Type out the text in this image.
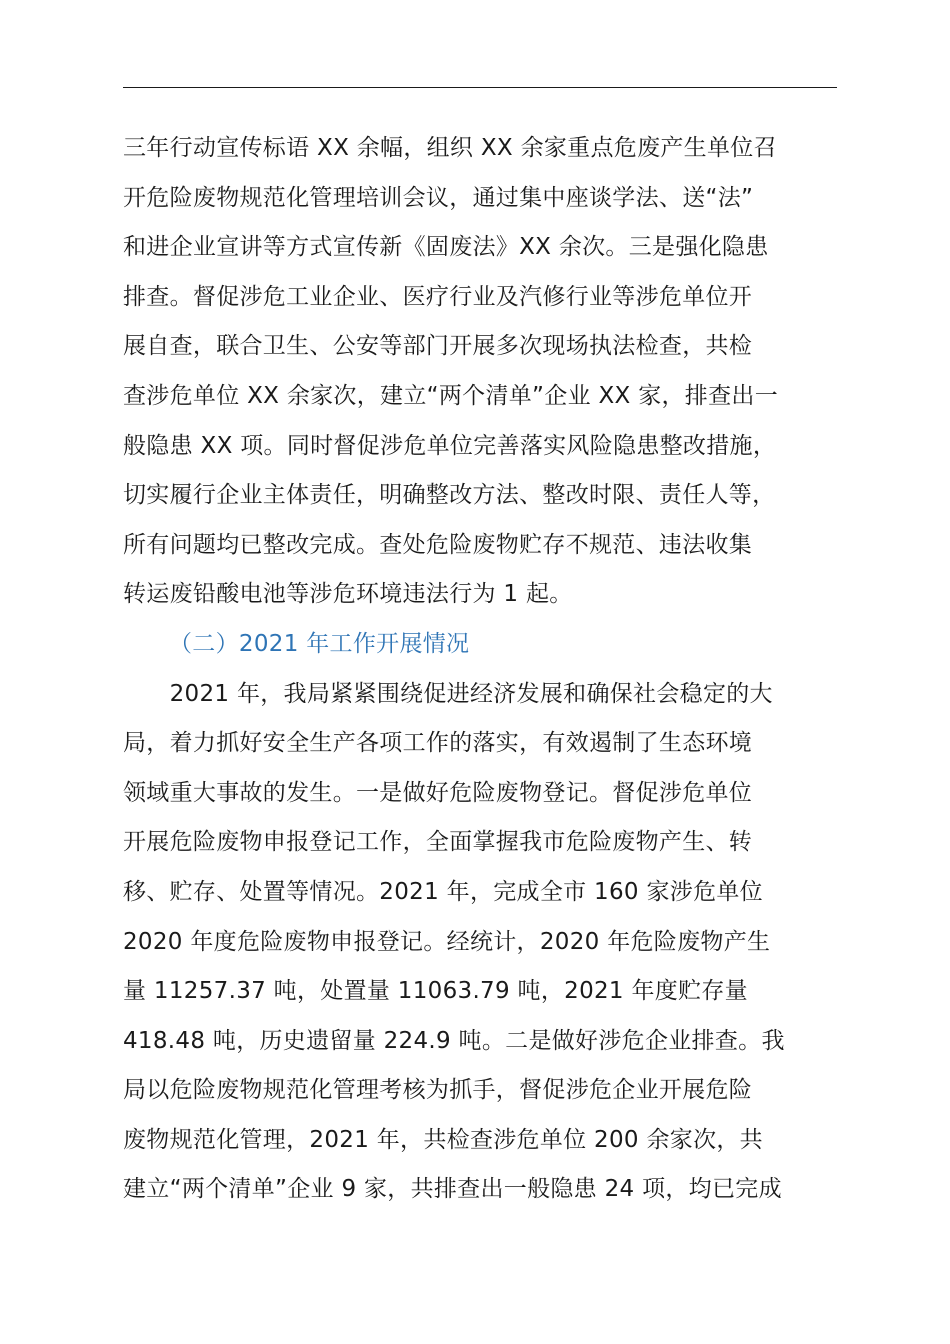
三年行动宣传标语 XX 余幅，组织 XX 余家重点危废产生单位召
开危险废物规范化管理培训会议，通过集中座谈学法、送“法”
和进企业宣讲等方式宣传新《固废法》XX 余次。三是强化隐患
排查。督促涉危工业企业、医疗行业及汽修行业等涉危单位开
展自查，联合卫生、公安等部门开展多次现场执法检查，共检
查涉危单位 XX 余家次，建立“两个清单”企业 XX 家，排查出一
般隐患 XX 项。同时督促涉危单位完善落实风险隐患整改措施，
切实履行企业主体责任，明确整改方法、整改时限、责任人等，
所有问题均已整改完成。查处危险废物贮存不规范、违法收集
转运废铅酸电池等涉危环境违法行为 1 起。
（二）2021 年工作开展情况
　　2021 年，我局紧紧围绕促进经济发展和确保社会稳定的大
局，着力抓好安全生产各项工作的落实，有效遏制了生态环境
领域重大事故的发生。一是做好危险废物登记。督促涉危单位
开展危险废物申报登记工作，全面掌握我市危险废物产生、转
移、贮存、处置等情况。2021 年，完成全市 160 家涉危单位
2020 年度危险废物申报登记。经统计，2020 年危险废物产生
量 11257.37 吨，处置量 11063.79 吨，2021 年度贮存量
418.48 吨，历史遗留量 224.9 吨。二是做好涉危企业排查。我
局以危险废物规范化管理考核为抓手，督促涉危企业开展危险
废物规范化管理，2021 年，共检查涉危单位 200 余家次，共
建立“两个清单”企业 9 家，共排查出一般隐患 24 项，均已完成
